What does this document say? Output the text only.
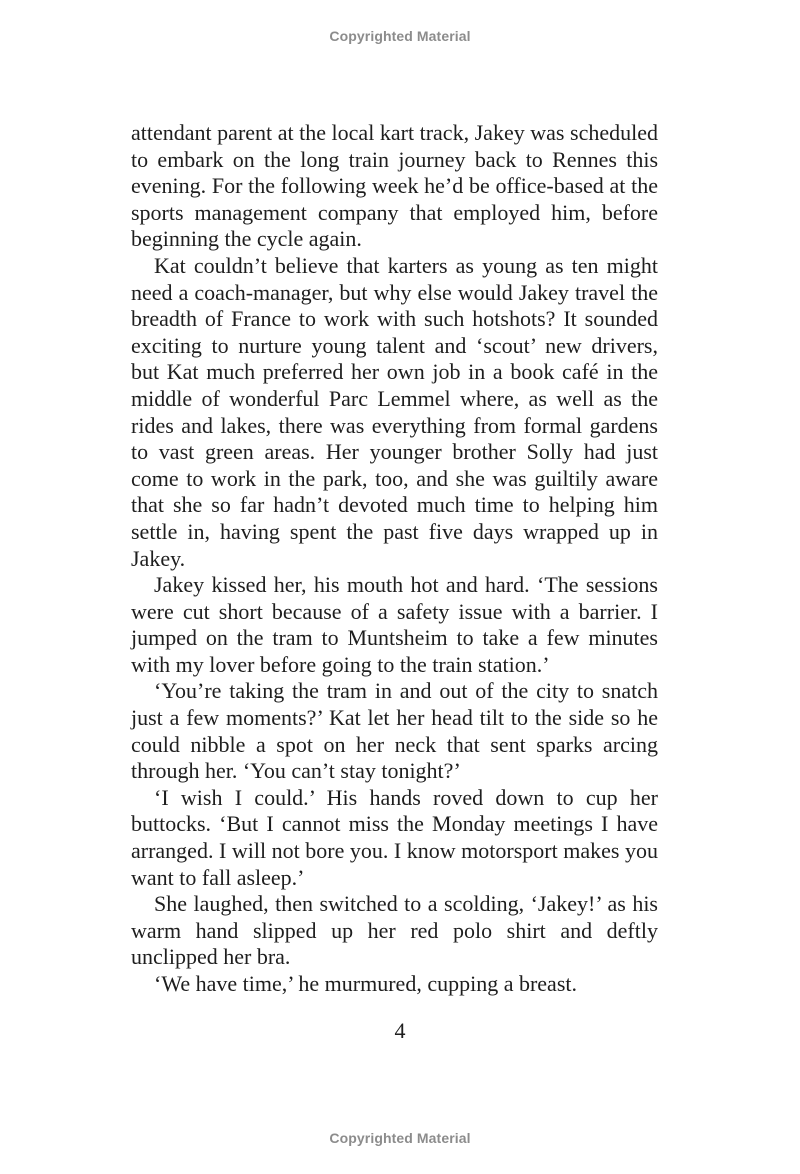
Copyrighted Material

attendant parent at the local kart track, Jakey was scheduled to embark on the long train journey back to Rennes this evening. For the following week he’d be office-based at the sports management company that employed him, before beginning the cycle again.

Kat couldn’t believe that karters as young as ten might need a coach-manager, but why else would Jakey travel the breadth of France to work with such hotshots? It sounded exciting to nurture young talent and ‘scout’ new drivers, but Kat much preferred her own job in a book café in the middle of wonderful Parc Lemmel where, as well as the rides and lakes, there was everything from formal gardens to vast green areas. Her younger brother Solly had just come to work in the park, too, and she was guiltily aware that she so far hadn’t devoted much time to helping him settle in, having spent the past five days wrapped up in Jakey.

Jakey kissed her, his mouth hot and hard. ‘The sessions were cut short because of a safety issue with a barrier. I jumped on the tram to Muntsheim to take a few minutes with my lover before going to the train station.’

‘You’re taking the tram in and out of the city to snatch just a few moments?’ Kat let her head tilt to the side so he could nibble a spot on her neck that sent sparks arcing through her. ‘You can’t stay tonight?’

‘I wish I could.’ His hands roved down to cup her buttocks. ‘But I cannot miss the Monday meetings I have arranged. I will not bore you. I know motorsport makes you want to fall asleep.’

She laughed, then switched to a scolding, ‘Jakey!’ as his warm hand slipped up her red polo shirt and deftly unclipped her bra.

‘We have time,’ he murmured, cupping a breast.

4
Copyrighted Material
